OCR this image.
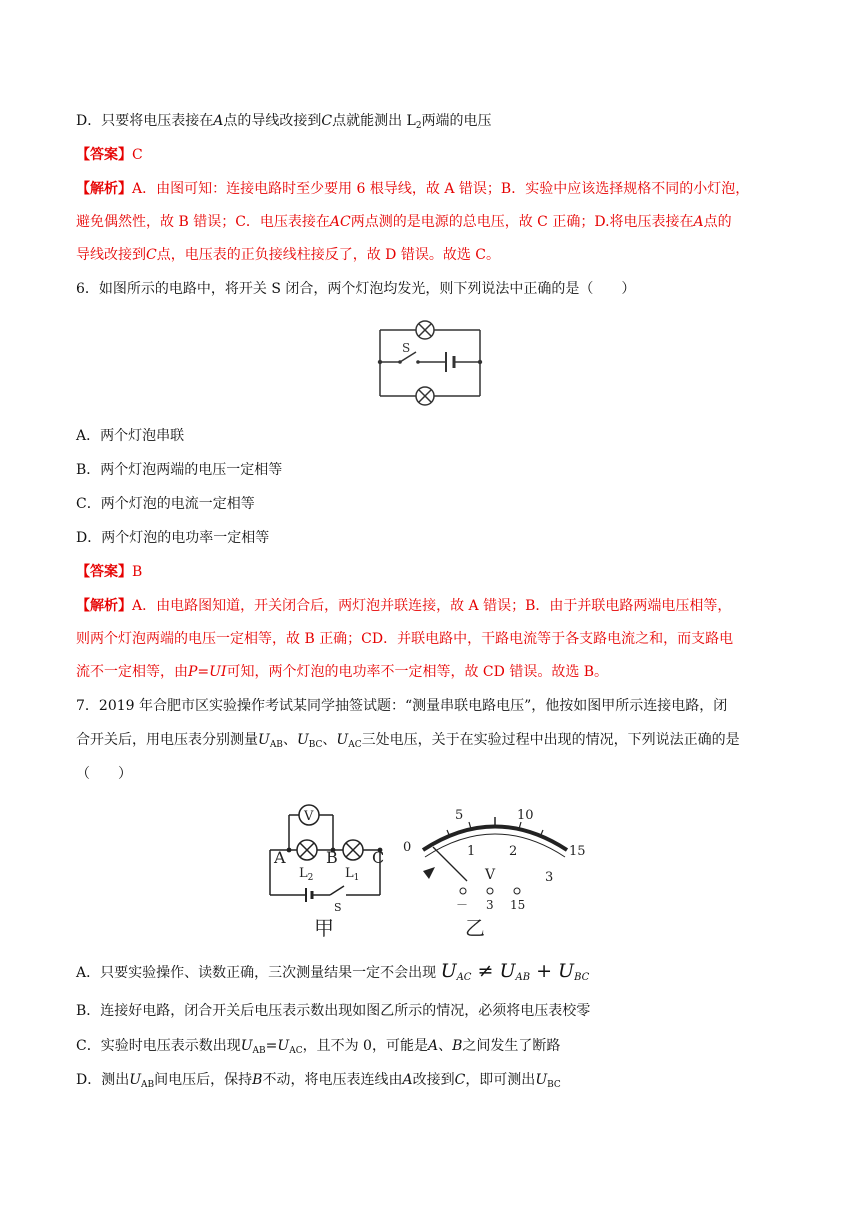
D．只要将电压表接在A点的导线改接到C点就能测出 $L_2$两端的电压
【答案】C
【解析】A．由图可知：连接电路时至少要用 6 根导线，故 A 错误；B．实验中应该选择规格不同的小灯泡，
避免偶然性，故 B 错误；C．电压表接在AC两点测的是电源的总电压，故 C 正确；D.将电压表接在A点的
导线改接到C点，电压表的正负接线柱接反了，故 D 错误。故选 C。
6．如图所示的电路中，将开关 S 闭合，两个灯泡均发光，则下列说法中正确的是（　　）
S
A．两个灯泡串联
B．两个灯泡两端的电压一定相等
C．两个灯泡的电流一定相等
D．两个灯泡的电功率一定相等
【答案】B
【解析】A．由电路图知道，开关闭合后，两灯泡并联连接，故 A 错误；B．由于并联电路两端电压相等，
则两个灯泡两端的电压一定相等，故 B 正确；CD．并联电路中，干路电流等于各支路电流之和，而支路电
流不一定相等，由P=UI可知，两个灯泡的电功率不一定相等，故 CD 错误。故选 B。
7．2019 年合肥市区实验操作考试某同学抽签试题：“测量串联电路电压”，他按如图甲所示连接电路，闭
合开关后，用电压表分别测量$U_{AB}$、$U_{BC}$、$U_{AC}$三处电压，关于在实验过程中出现的情况，下列说法正确的是
（　　）
V
A	B C
$L_2$ $L_1$
S
甲
0
5	10
15
1	2
3
V
－ 3 15
乙
A．只要实验操作、读数正确，三次测量结果一定不会出现 $U_{AC} \ne U_{AB} + U_{BC}$
B．连接好电路，闭合开关后电压表示数出现如图乙所示的情况，必须将电压表校零
C．实验时电压表示数出现$U_{AB}=U_{AC}$，且不为 0，可能是A、B之间发生了断路
D．测出$U_{AB}$间电压后，保持B不动，将电压表连线由A改接到C，即可测出$U_{BC}$
